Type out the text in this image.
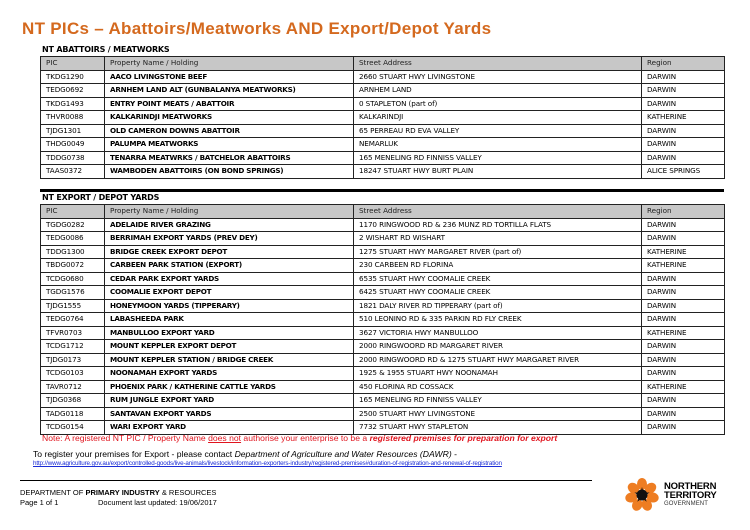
NT PICs – Abattoirs/Meatworks AND Export/Depot Yards
NT ABATTOIRS / MEATWORKS
PIC	Property Name / Holding	Street Address	Region
TKDG1290	AACO LIVINGSTONE BEEF	2660 STUART HWY LIVINGSTONE	DARWIN
TEDG0692	ARNHEM LAND ALT (GUNBALANYA MEATWORKS)	ARNHEM LAND	DARWIN
TKDG1493	ENTRY POINT MEATS / ABATTOIR	0 STAPLETON (part of)	DARWIN
THVR0088	KALKARINDJI MEATWORKS	KALKARINDJI	KATHERINE
TJDG1301	OLD CAMERON DOWNS ABATTOIR	65 PERREAU RD EVA VALLEY	DARWIN
THDG0049	PALUMPA MEATWORKS	NEMARLUK	DARWIN
TDDG0738	TENARRA MEATWRKS / BATCHELOR ABATTOIRS	165 MENELING RD FINNISS VALLEY	DARWIN
TAAS0372	WAMBODEN ABATTOIRS (ON BOND SPRINGS)	18247 STUART HWY BURT PLAIN	ALICE SPRINGS
NT EXPORT / DEPOT YARDS
PIC	Property Name / Holding	Street Address	Region
TGDG0282	ADELAIDE RIVER GRAZING	1170 RINGWOOD RD & 236 MUNZ RD TORTILLA FLATS	DARWIN
TEDG0086	BERRIMAH EXPORT YARDS (PREV DEY)	2 WISHART RD WISHART	DARWIN
TDDG1300	BRIDGE CREEK EXPORT DEPOT	1275 STUART HWY MARGARET RIVER (part of)	KATHERINE
TBDG0072	CARBEEN PARK STATION (EXPORT)	230 CARBEEN RD FLORINA	KATHERINE
TCDG0680	CEDAR PARK EXPORT YARDS	6535 STUART HWY COOMALIE CREEK	DARWIN
TGDG1576	COOMALIE EXPORT DEPOT	6425 STUART HWY COOMALIE CREEK	DARWIN
TJDG1555	HONEYMOON YARDS (TIPPERARY)	1821 DALY RIVER RD TIPPERARY (part of)	DARWIN
TEDG0764	LABASHEEDA PARK	510 LEONINO RD & 335 PARKIN RD FLY CREEK	DARWIN
TFVR0703	MANBULLOO EXPORT YARD	3627 VICTORIA HWY MANBULLOO	KATHERINE
TCDG1712	MOUNT KEPPLER EXPORT DEPOT	2000 RINGWOORD RD MARGARET RIVER	DARWIN
TJDG0173	MOUNT KEPPLER STATION / BRIDGE CREEK	2000 RINGWOORD RD & 1275 STUART HWY MARGARET RIVER	DARWIN
TCDG0103	NOONAMAH EXPORT YARDS	1925 & 1955 STUART HWY NOONAMAH	DARWIN
TAVR0712	PHOENIX PARK / KATHERINE CATTLE YARDS	450 FLORINA RD COSSACK	KATHERINE
TJDG0368	RUM JUNGLE EXPORT YARD	165 MENELING RD FINNISS VALLEY	DARWIN
TADG0118	SANTAVAN EXPORT YARDS	2500 STUART HWY LIVINGSTONE	DARWIN
TCDG0154	WARI EXPORT YARD	7732 STUART HWY STAPLETON	DARWIN
Note: A registered NT PIC / Property Name does not authorise your enterprise to be a registered premises for preparation for export
To register your premises for Export - please contact Department of Agriculture and Water Resources (DAWR) -
http://www.agriculture.gov.au/export/controlled-goods/live-animals/livestock/information-exporters-industry/registered-premises#duration-of-registration-and-renewal-of-registration
DEPARTMENT OF PRIMARY INDUSTRY & RESOURCES
Page 1 of 1	Document last updated: 19/06/2017
NORTHERN
TERRITORY
GOVERNMENT
